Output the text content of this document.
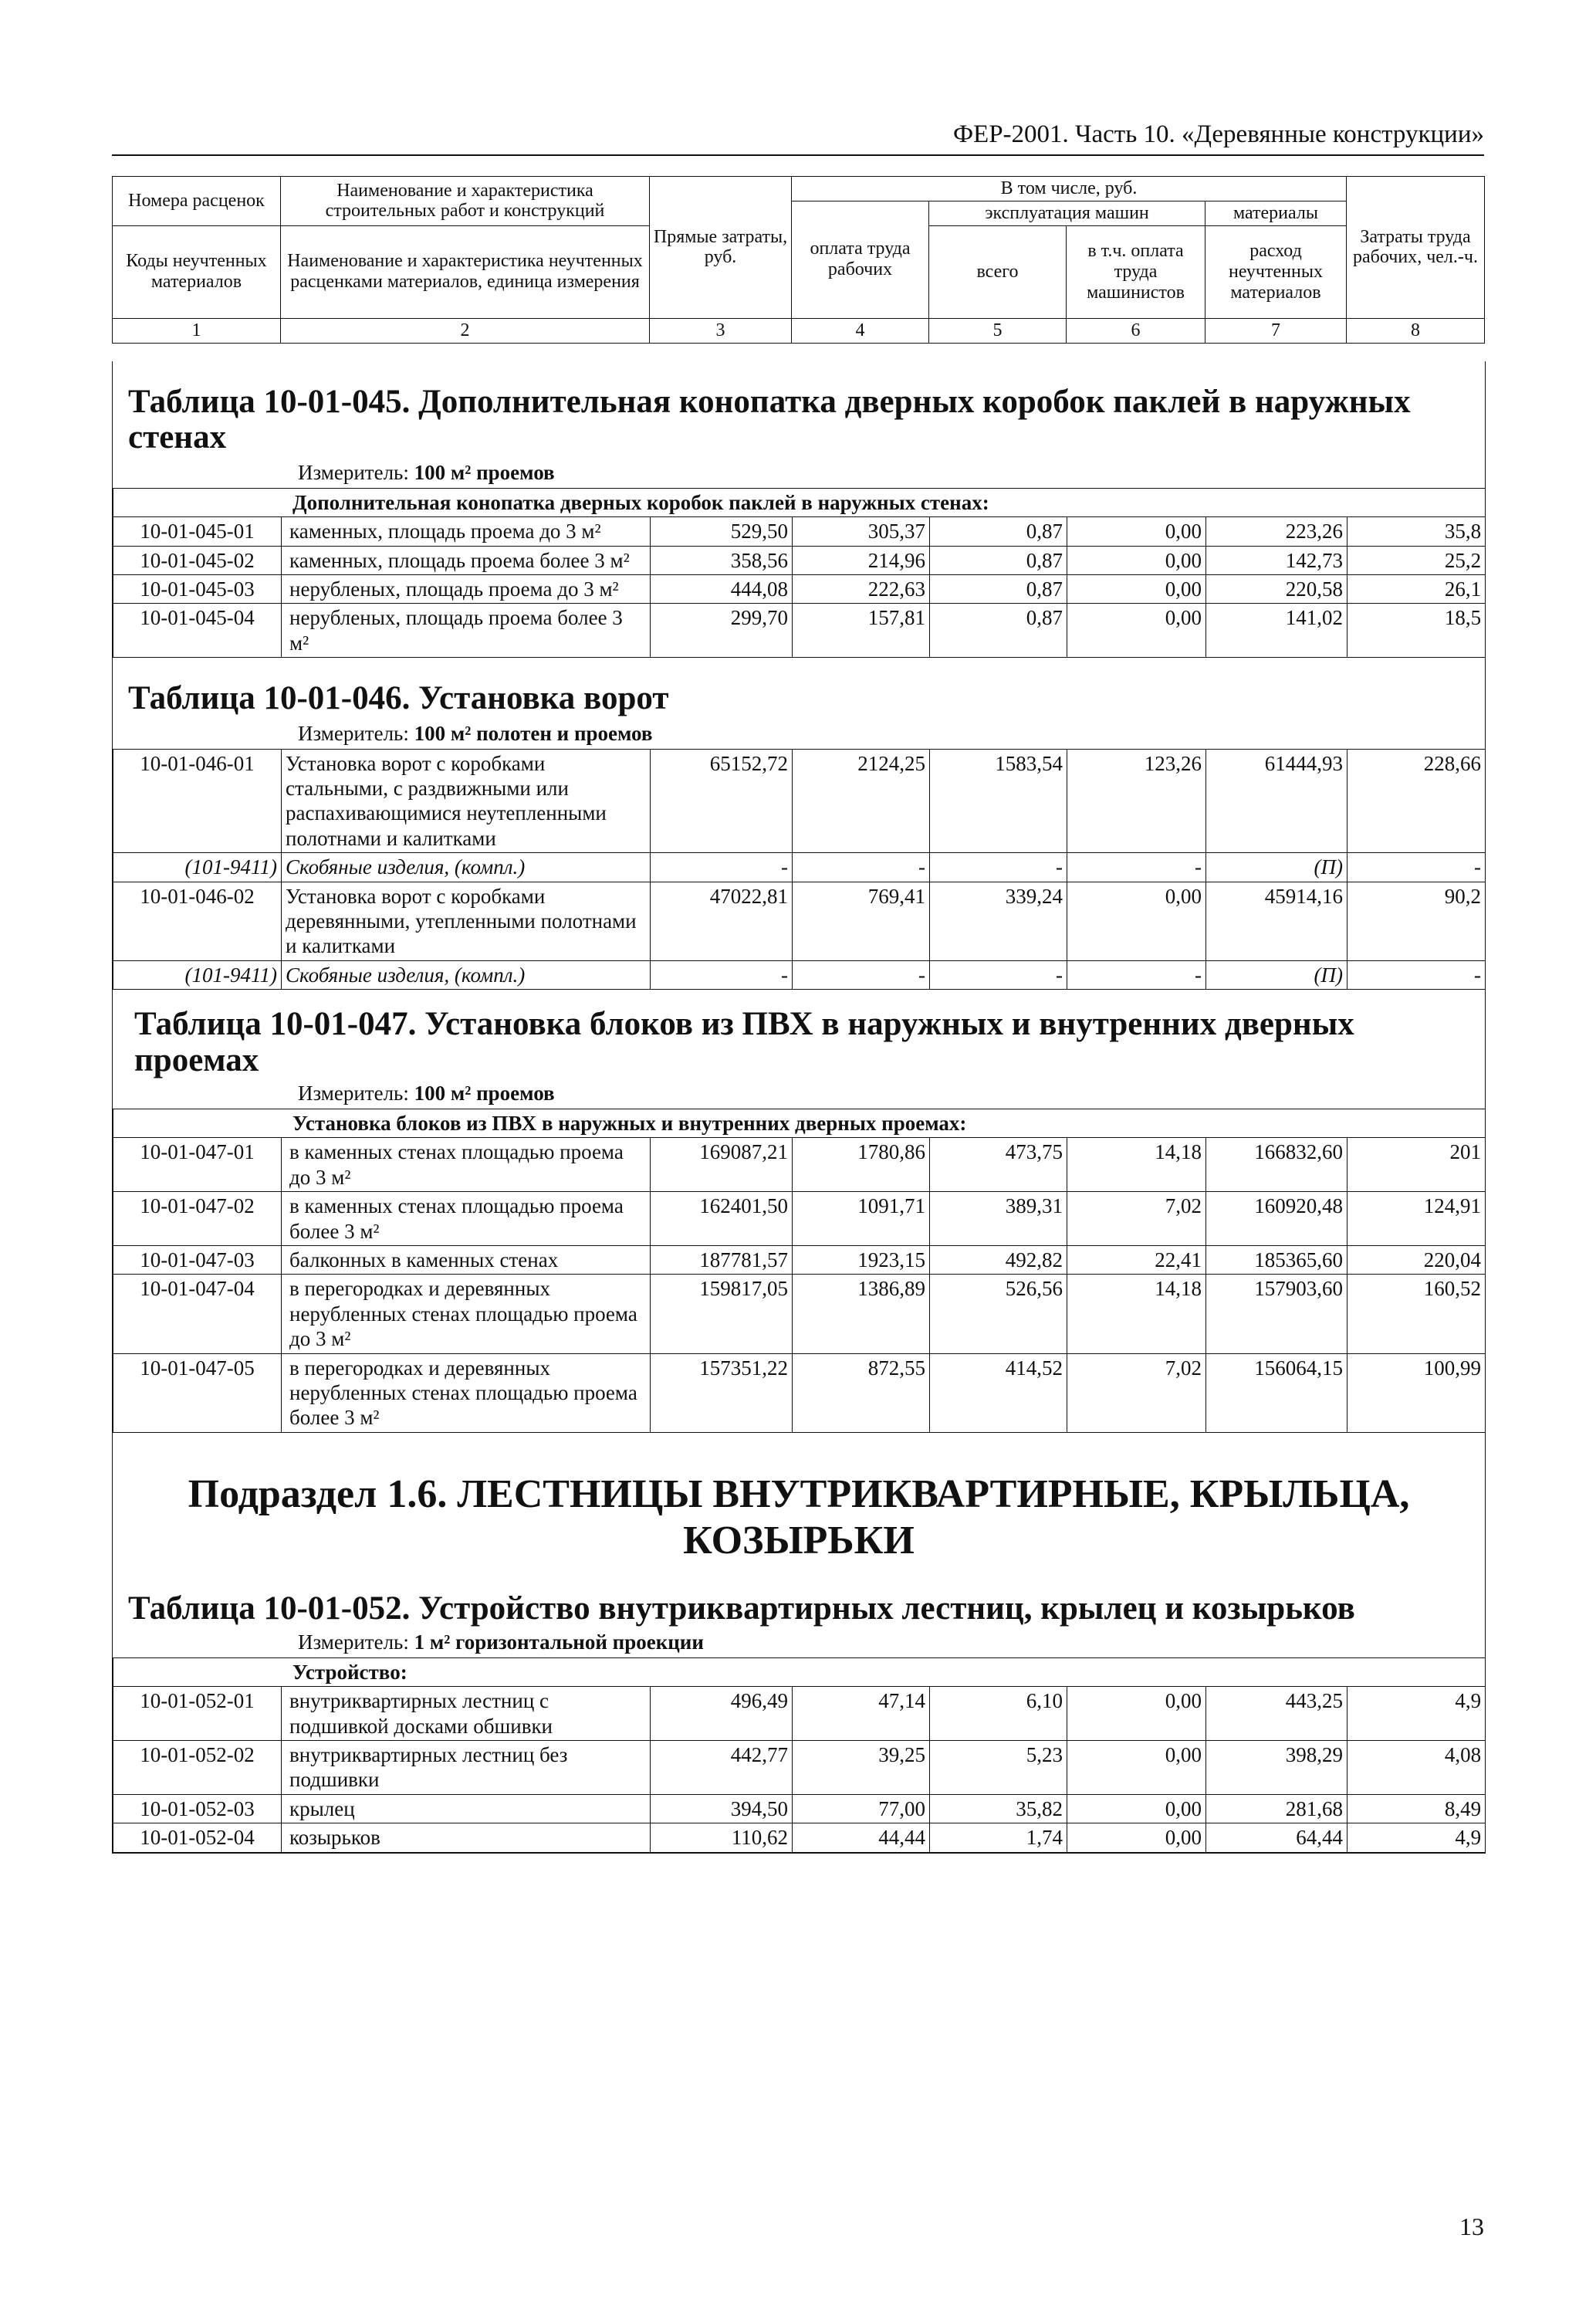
ФЕР-2001. Часть 10. «Деревянные конструкции»
Номера расценок	Наименование и характеристика строительных работ и конструкций	Прямые затраты, руб.	В том числе, руб.				Затраты труда рабочих, чел.-ч.
			оплата труда рабочих	эксплуатация машин		материалы	
Коды неучтенных материалов	Наименование и характеристика неучтенных расценками материалов, единица измерения			всего	в т.ч. оплата труда машинистов	расход неучтенных материалов	

1	2	3	4	5	6	7	8

Таблица 10-01-045. Дополнительная конопатка дверных коробок паклей в наружных стенах

Измеритель: 100 м² проемов
Дополнительная конопатка дверных коробок паклей в наружных стенах:							
10-01-045-01	каменных, площадь проема до 3 м²	529,50	305,37	0,87	0,00	223,26	35,8
10-01-045-02	каменных, площадь проема более 3 м²	358,56	214,96	0,87	0,00	142,73	25,2
10-01-045-03	нерубленых, площадь проема до 3 м²	444,08	222,63	0,87	0,00	220,58	26,1
10-01-045-04	нерубленых, площадь проема более 3 м²	299,70	157,81	0,87	0,00	141,02	18,5

Таблица 10-01-046. Установка ворот

Измеритель: 100 м² полотен и проемов
10-01-046-01	Установка ворот с коробками стальными, с раздвижными или распахивающимися неутепленными полотнами и калитками	65152,72	2124,25	1583,54	123,26	61444,93	228,66
(101-9411)	Скобяные изделия, (компл.)	-	-	-	-	(П)	-
10-01-046-02	Установка ворот с коробками деревянными, утепленными полотнами и калитками	47022,81	769,41	339,24	0,00	45914,16	90,2
(101-9411)	Скобяные изделия, (компл.)	-	-	-	-	(П)	-

Таблица 10-01-047. Установка блоков из ПВХ в наружных и внутренних дверных проемах

Измеритель: 100 м² проемов
Установка блоков из ПВХ в наружных и внутренних дверных проемах:							
10-01-047-01	в каменных стенах площадью проема до 3 м²	169087,21	1780,86	473,75	14,18	166832,60	201
10-01-047-02	в каменных стенах площадью проема более 3 м²	162401,50	1091,71	389,31	7,02	160920,48	124,91
10-01-047-03	балконных в каменных стенах	187781,57	1923,15	492,82	22,41	185365,60	220,04
10-01-047-04	в перегородках и деревянных нерубленных стенах площадью проема до 3 м²	159817,05	1386,89	526,56	14,18	157903,60	160,52
10-01-047-05	в перегородках и деревянных нерубленных стенах площадью проема более 3 м²	157351,22	872,55	414,52	7,02	156064,15	100,99

Подраздел 1.6. ЛЕСТНИЦЫ ВНУТРИКВАРТИРНЫЕ, КРЫЛЬЦА,

КОЗЫРЬКИ

Таблица 10-01-052. Устройство внутриквартирных лестниц, крылец и козырьков

Измеритель: 1 м² горизонтальной проекции
Устройство:							
10-01-052-01	внутриквартирных лестниц с подшивкой досками обшивки	496,49	47,14	6,10	0,00	443,25	4,9
10-01-052-02	внутриквартирных лестниц без подшивки	442,77	39,25	5,23	0,00	398,29	4,08
10-01-052-03	крылец	394,50	77,00	35,82	0,00	281,68	8,49
10-01-052-04	козырьков	110,62	44,44	1,74	0,00	64,44	4,9
13
